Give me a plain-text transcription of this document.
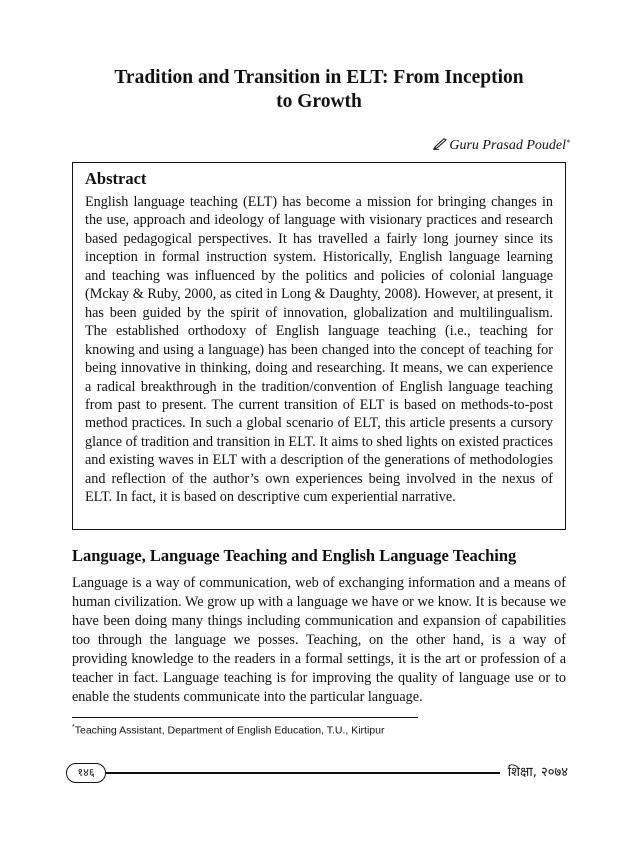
Tradition and Transition in ELT: From Inception
to Growth
Guru Prasad Poudel*
Abstract

English language teaching (ELT) has become a mission for bringing changes in the use, approach and ideology of language with visionary practices and research based pedagogical perspectives. It has travelled a fairly long journey since its inception in formal instruction system. Historically, English language learning and teaching was influenced by the politics and policies of colonial language (Mckay & Ruby, 2000, as cited in Long & Daughty, 2008). However, at present, it has been guided by the spirit of innovation, globalization and multilingualism. The established orthodoxy of English language teaching (i.e., teaching for knowing and using a language) has been changed into the concept of teaching for being innovative in thinking, doing and researching. It means, we can experience a radical breakthrough in the tradition/convention of English language teaching from past to present. The current transition of ELT is based on methods-to-post method practices. In such a global scenario of ELT, this article presents a cursory glance of tradition and transition in ELT. It aims to shed lights on existed practices and existing waves in ELT with a description of the generations of methodologies and reflection of the author’s own experiences being involved in the nexus of ELT. In fact, it is based on descriptive cum experiential narrative.

Language, Language Teaching and English Language Teaching

Language is a way of communication, web of exchanging information and a means of human civilization. We grow up with a language we have or we know. It is because we have been doing many things including communication and expansion of capabilities too through the language we posses. Teaching, on the other hand, is a way of providing knowledge to the readers in a formal settings, it is the art or profession of a teacher in fact. Language teaching is for improving the quality of language use or to enable the students communicate into the particular language.

*Teaching Assistant, Department of English Education, T.U., Kirtipur
१४६	शिक्षा, २०७४
